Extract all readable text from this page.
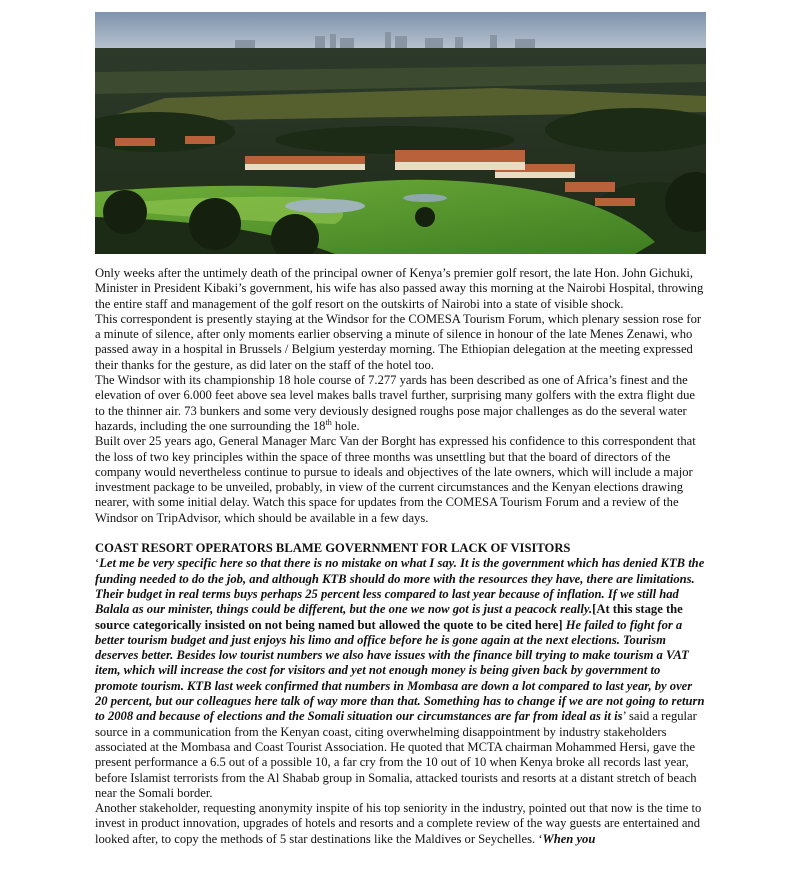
Only weeks after the untimely death of the principal owner of Kenya’s premier golf resort, the late Hon. John Gichuki, Minister in President Kibaki’s government, his wife has also passed away this morning at the Nairobi Hospital, throwing the entire staff and management of the golf resort on the outskirts of Nairobi into a state of visible shock.

This correspondent is presently staying at the Windsor for the COMESA Tourism Forum, which plenary session rose for a minute of silence, after only moments earlier observing a minute of silence in honour of the late Menes Zenawi, who passed away in a hospital in Brussels / Belgium yesterday morning. The Ethiopian delegation at the meeting expressed their thanks for the gesture, as did later on the staff of the hotel too.

The Windsor with its championship 18 hole course of 7.277 yards has been described as one of Africa’s finest and the elevation of over 6.000 feet above sea level makes balls travel further, surprising many golfers with the extra flight due to the thinner air. 73 bunkers and some very deviously designed roughs pose major challenges as do the several water hazards, including the one surrounding the 18th hole.

Built over 25 years ago, General Manager Marc Van der Borght has expressed his confidence to this correspondent that the loss of two key principles within the space of three months was unsettling but that the board of directors of the company would nevertheless continue to pursue to ideals and objectives of the late owners, which will include a major investment package to be unveiled, probably, in view of the current circumstances and the Kenyan elections drawing nearer, with some initial delay. Watch this space for updates from the COMESA Tourism Forum and a review of the Windsor on TripAdvisor, which should be available in a few days.

COAST RESORT OPERATORS BLAME GOVERNMENT FOR LACK OF VISITORS

‘Let me be very specific here so that there is no mistake on what I say. It is the government which has denied KTB the funding needed to do the job, and although KTB should do more with the resources they have, there are limitations. Their budget in real terms buys perhaps 25 percent less compared to last year because of inflation. If we still had Balala as our minister, things could be different, but the one we now got is just a peacock really.[At this stage the source categorically insisted on not being named but allowed the quote to be cited here] He failed to fight for a better tourism budget and just enjoys his limo and office before he is gone again at the next elections. Tourism deserves better. Besides low tourist numbers we also have issues with the finance bill trying to make tourism a VAT item, which will increase the cost for visitors and yet not enough money is being given back by government to promote tourism. KTB last week confirmed that numbers in Mombasa are down a lot compared to last year, by over 20 percent, but our colleagues here talk of way more than that. Something has to change if we are not going to return to 2008 and because of elections and the Somali situation our circumstances are far from ideal as it is’ said a regular source in a communication from the Kenyan coast, citing overwhelming disappointment by industry stakeholders associated at the Mombasa and Coast Tourist Association. He quoted that MCTA chairman Mohammed Hersi, gave the present performance a 6.5 out of a possible 10, a far cry from the 10 out of 10 when Kenya broke all records last year, before Islamist terrorists from the Al Shabab group in Somalia, attacked tourists and resorts at a distant stretch of beach near the Somali border.

Another stakeholder, requesting anonymity inspite of his top seniority in the industry, pointed out that now is the time to invest in product innovation, upgrades of hotels and resorts and a complete review of the way guests are entertained and looked after, to copy the methods of 5 star destinations like the Maldives or Seychelles. ‘When you
